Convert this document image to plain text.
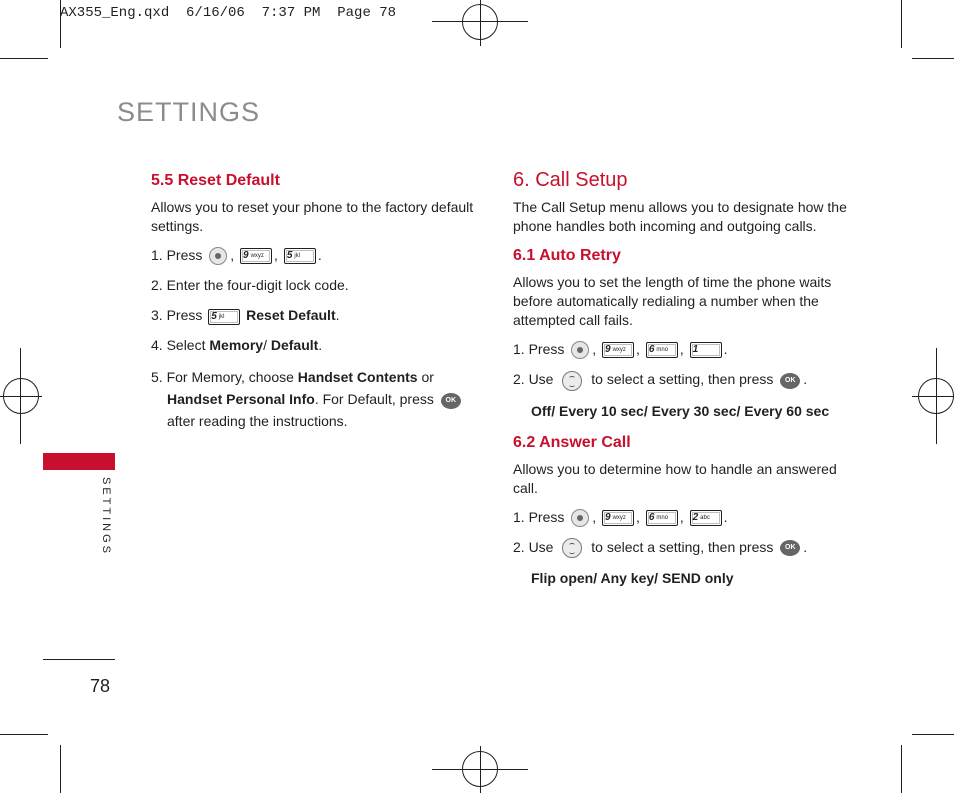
AX355_Eng.qxd  6/16/06  7:37 PM  Page 78
SETTINGS
SETTINGS
78
5.5 Reset Default
Allows you to reset your phone to the factory default settings.
1. Press , 9 $^{wxyz}$ , 5 $^{jkl}$ .
2. Enter the four-digit lock code.
3. Press 5 $^{jkl}$ Reset Default.
4. Select Memory/ Default.
5. For Memory, choose Handset Contents or
Handset Personal Info. For Default, press OK
after reading the instructions.
6. Call Setup
The Call Setup menu allows you to designate how the phone handles both incoming and outgoing calls.
6.1 Auto Retry
Allows you to set the length of time the phone waits before automatically redialing a number when the attempted call fails.
1. Press , 9 $^{wxyz}$ , 6 $^{mno}$ , 1 .
2. Use	to select a setting, then press OK .
Off/ Every 10 sec/ Every 30 sec/ Every 60 sec
6.2 Answer Call
Allows you to determine how to handle an answered call.
1. Press , 9 $^{wxyz}$ , 6 $^{mno}$ , 2 $^{abc}$ .
2. Use	to select a setting, then press OK .
Flip open/ Any key/ SEND only
